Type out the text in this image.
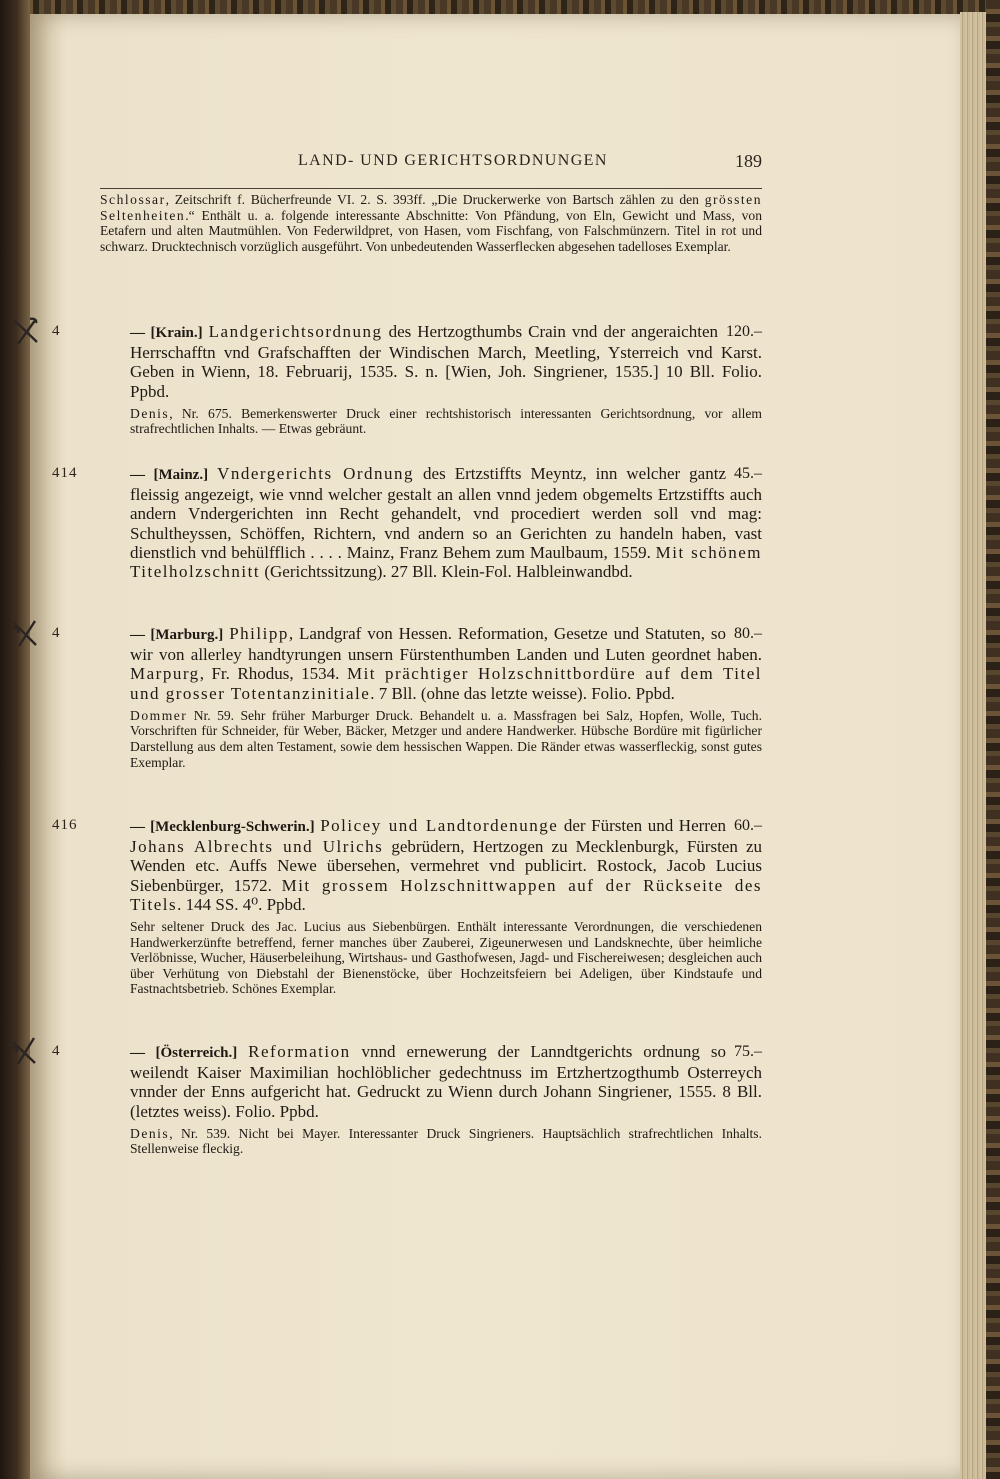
LAND- UND GERICHTSORDNUNGEN	189
Schlossar, Zeitschrift f. Bücherfreunde VI. 2. S. 393ff. „Die Druckerwerke von Bartsch zählen zu den grössten Seltenheiten.“ Enthält u. a. folgende interessante Abschnitte: Von Pfändung, von Eln, Gewicht und Mass, von Eetafern und alten Mautmühlen. Von Federwildpret, von Hasen, vom Fischfang, von Falschmünzern. Titel in rot und schwarz. Drucktechnisch vorzüglich ausgeführt. Von unbedeutenden Wasserflecken abgesehen tadelloses Exemplar.
4	120.–
— [Krain.] Landgerichtsordnung des Hertzogthumbs Crain vnd der angeraichten Herrschafftn vnd Grafschafften der Windischen March, Meetling, Ysterreich vnd Karst. Geben in Wienn, 18. Februarij, 1535. S. n. [Wien, Joh. Singriener, 1535.] 10 Bll. Folio. Ppbd.
Denis, Nr. 675. Bemerkenswerter Druck einer rechtshistorisch interessanten Gerichtsordnung, vor allem strafrechtlichen Inhalts. — Etwas gebräunt.
414	45.–
— [Mainz.] Vndergerichts Ordnung des Ertzstiffts Meyntz, inn welcher gantz fleissig angezeigt, wie vnnd welcher gestalt an allen vnnd jedem obgemelts Ertzstiffts auch andern Vndergerichten inn Recht gehandelt, vnd procediert werden soll vnd mag: Schultheyssen, Schöffen, Richtern, vnd andern so an Gerichten zu handeln haben, vast dienstlich vnd behülfflich . . . . Mainz, Franz Behem zum Maulbaum, 1559. Mit schönem Titelholzschnitt (Gerichtssitzung). 27 Bll. Klein-Fol. Halbleinwandbd.
4	80.–
— [Marburg.] Philipp, Landgraf von Hessen. Reformation, Gesetze und Statuten, so wir von allerley handtyrungen unsern Fürstenthumben Landen und Luten geordnet haben. Marpurg, Fr. Rhodus, 1534. Mit prächtiger Holzschnittbordüre auf dem Titel und grosser Totentanzinitiale. 7 Bll. (ohne das letzte weisse). Folio. Ppbd.
Dommer Nr. 59. Sehr früher Marburger Druck. Behandelt u. a. Massfragen bei Salz, Hopfen, Wolle, Tuch. Vorschriften für Schneider, für Weber, Bäcker, Metzger und andere Handwerker. Hübsche Bordüre mit figürlicher Darstellung aus dem alten Testament, sowie dem hessischen Wappen. Die Ränder etwas wasserfleckig, sonst gutes Exemplar.
416	60.–
— [Mecklenburg-Schwerin.] Policey und Landtordenunge der Fürsten und Herren Johans Albrechts und Ulrichs gebrüdern, Hertzogen zu Mecklenburgk, Fürsten zu Wenden etc. Auffs Newe übersehen, vermehret vnd publicirt. Rostock, Jacob Lucius Siebenbürger, 1572. Mit grossem Holzschnittwappen auf der Rückseite des Titels. 144 SS. 4⁰. Ppbd.
Sehr seltener Druck des Jac. Lucius aus Siebenbürgen. Enthält interessante Verordnungen, die verschiedenen Handwerkerzünfte betreffend, ferner manches über Zauberei, Zigeunerwesen und Landsknechte, über heimliche Verlöbnisse, Wucher, Häuserbeleihung, Wirtshaus- und Gasthofwesen, Jagd- und Fischereiwesen; desgleichen auch über Verhütung von Diebstahl der Bienenstöcke, über Hochzeitsfeiern bei Adeligen, über Kindstaufe und Fastnachtsbetrieb. Schönes Exemplar.
4	75.–
— [Österreich.] Reformation vnnd ernewerung der Lanndtgerichts ordnung so weilendt Kaiser Maximilian hochlöblicher gedechtnuss im Ertzhertzogthumb Osterreych vnnder der Enns aufgericht hat. Gedruckt zu Wienn durch Johann Singriener, 1555. 8 Bll. (letztes weiss). Folio. Ppbd.
Denis, Nr. 539. Nicht bei Mayer. Interessanter Druck Singrieners. Hauptsächlich strafrechtlichen Inhalts. Stellenweise fleckig.
